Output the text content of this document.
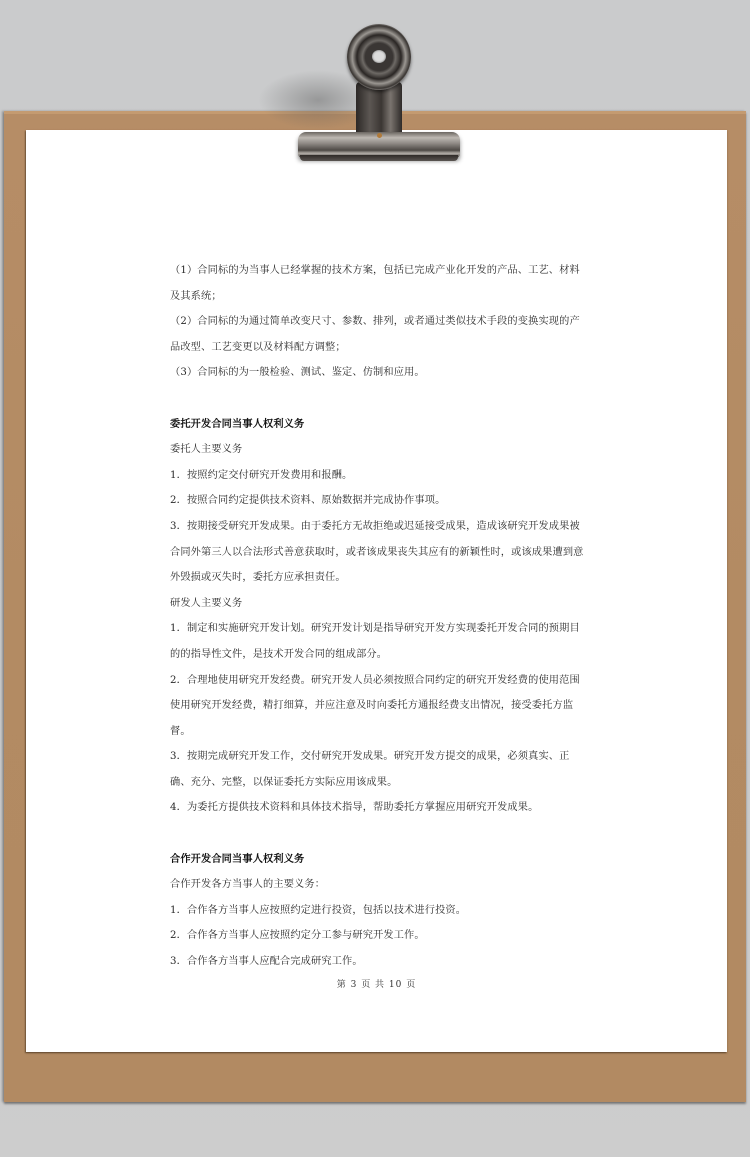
（1）合同标的为当事人已经掌握的技术方案，包括已完成产业化开发的产品、工艺、材料及其系统；

（2）合同标的为通过简单改变尺寸、参数、排列，或者通过类似技术手段的变换实现的产品改型、工艺变更以及材料配方调整；

（3）合同标的为一般检验、测试、鉴定、仿制和应用。

委托开发合同当事人权利义务

委托人主要义务

1．按照约定交付研究开发费用和报酬。

2．按照合同约定提供技术资料、原始数据并完成协作事项。

3．按期接受研究开发成果。由于委托方无故拒绝或迟延接受成果，造成该研究开发成果被合同外第三人以合法形式善意获取时，或者该成果丧失其应有的新颖性时，或该成果遭到意外毁损或灭失时，委托方应承担责任。

研发人主要义务

1．制定和实施研究开发计划。研究开发计划是指导研究开发方实现委托开发合同的预期目的的指导性文件，是技术开发合同的组成部分。

2．合理地使用研究开发经费。研究开发人员必须按照合同约定的研究开发经费的使用范围使用研究开发经费，精打细算，并应注意及时向委托方通报经费支出情况，接受委托方监督。

3．按期完成研究开发工作，交付研究开发成果。研究开发方提交的成果，必须真实、正确、充分、完整，以保证委托方实际应用该成果。

4．为委托方提供技术资料和具体技术指导，帮助委托方掌握应用研究开发成果。

合作开发合同当事人权利义务

合作开发各方当事人的主要义务：

1．合作各方当事人应按照约定进行投资，包括以技术进行投资。

2．合作各方当事人应按照约定分工参与研究开发工作。

3．合作各方当事人应配合完成研究工作。

第 3 页 共 10 页
